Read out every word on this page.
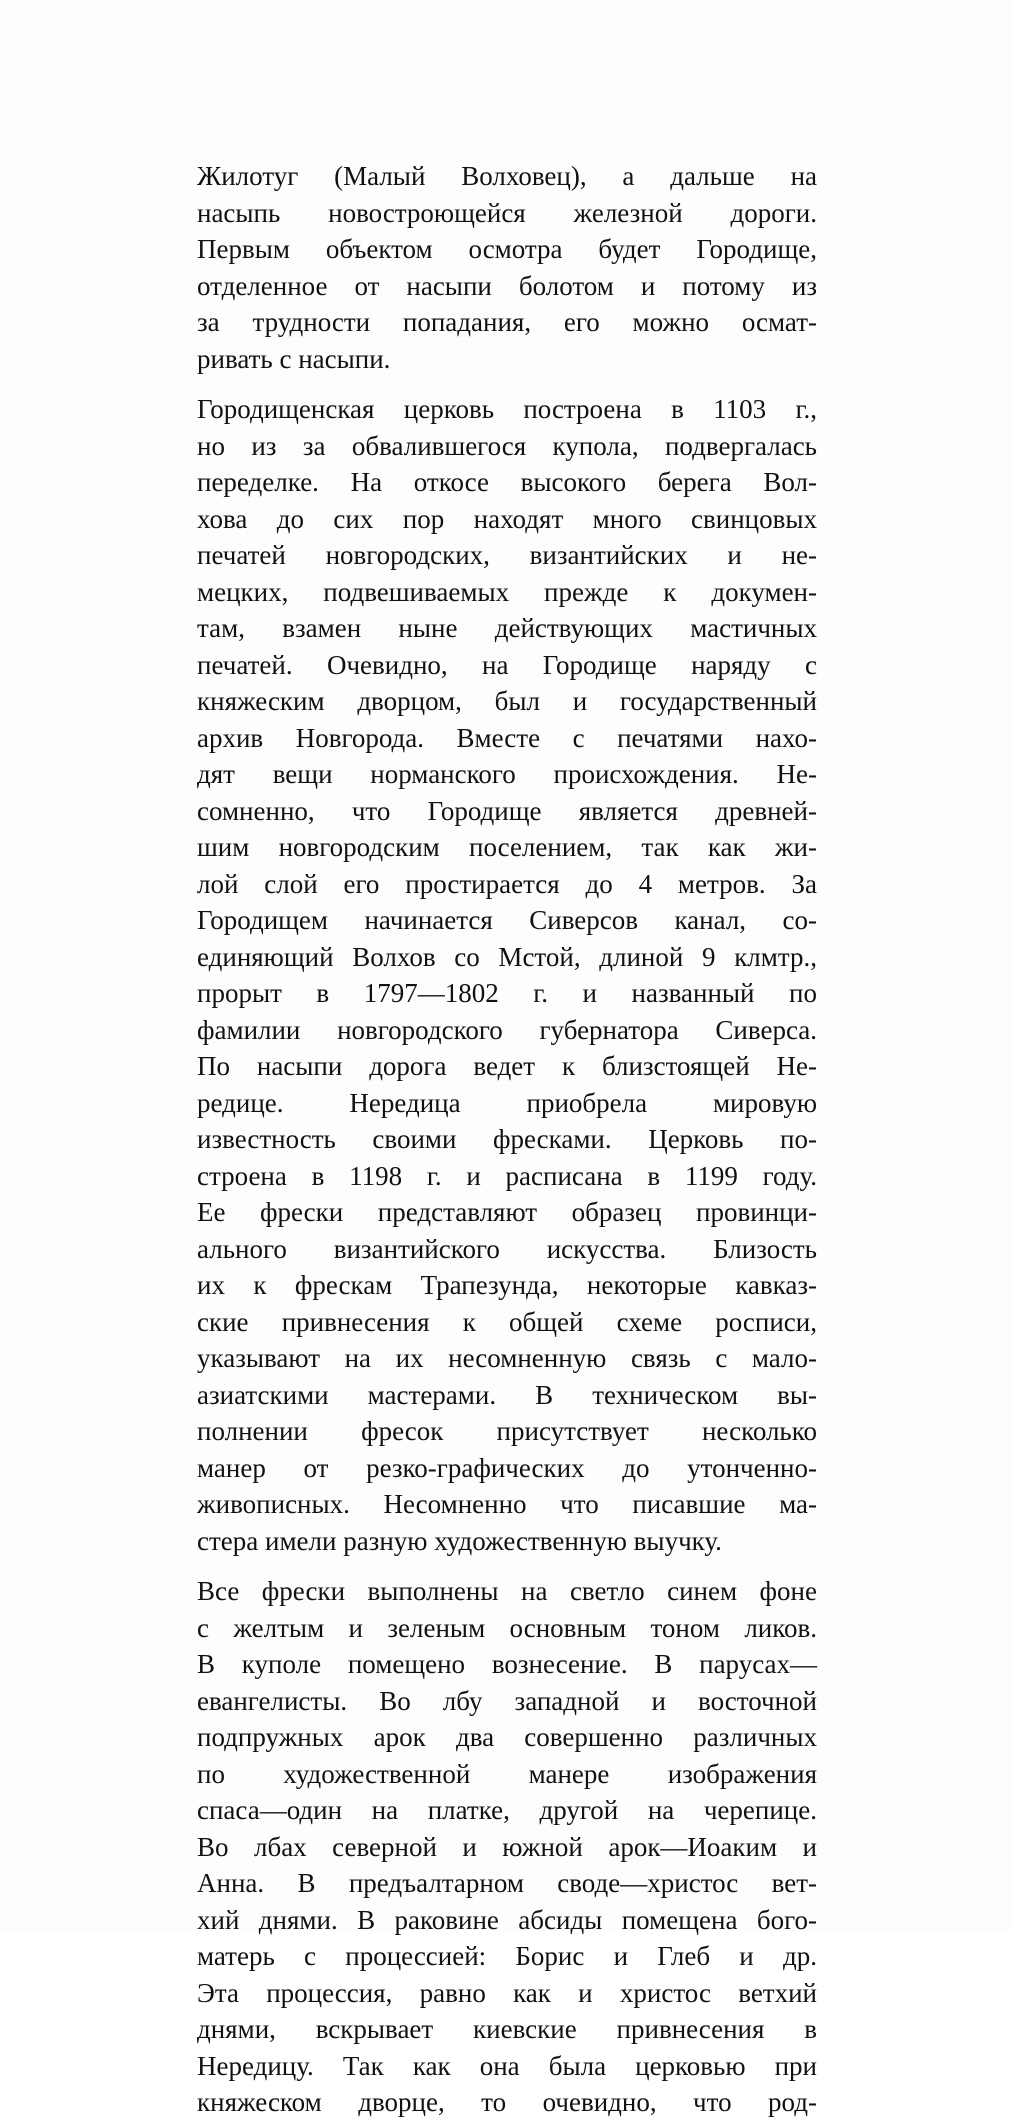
Жилотуг (Малый Волховец), а дальше на
насыпь новостроющейся железной дороги.
Первым объектом осмотра будет Городище,
отделенное от насыпи болотом и потому из
за трудности попадания, его можно осмат-
ривать с насыпи.

Городищенская церковь построена в 1103 г.,
но из за обвалившегося купола, подвергалась
переделке. На откосе высокого берега Вол-
хова до сих пор находят много свинцовых
печатей новгородских, византийских и не-
мецких, подвешиваемых прежде к докумен-
там, взамен ныне действующих мастичных
печатей. Очевидно, на Городище наряду с
княжеским дворцом, был и государственный
архив Новгорода. Вместе с печатями нахо-
дят вещи норманского происхождения. Не-
сомненно, что Городище является древней-
шим новгородским поселением, так как жи-
лой слой его простирается до 4 метров. За
Городищем начинается Сиверсов канал, со-
единяющий Волхов со Мстой, длиной 9 клмтр.,
прорыт в 1797—1802 г. и названный по
фамилии новгородского губернатора Сиверса.
По насыпи дорога ведет к близстоящей Не-
редице. Нередица приобрела мировую
известность своими фресками. Церковь по-
строена в 1198 г. и расписана в 1199 году.
Ее фрески представляют образец провинци-
ального византийского искусства. Близость
их к фрескам Трапезунда, некоторые кавказ-
ские привнесения к общей схеме росписи,
указывают на их несомненную связь с мало-
азиатскими мастерами. В техническом вы-
полнении фресок присутствует несколько
манер от резко-графических до утонченно-
живописных. Несомненно что писавшие ма-
стера имели разную художественную выучку.

Все фрески выполнены на светло синем фоне
с желтым и зеленым основным тоном ликов.
В куполе помещено вознесение. В парусах—
евангелисты. Во лбу западной и восточной
подпружных арок два совершенно различных
по художественной манере изображения
спаса—один на платке, другой на черепице.
Во лбах северной и южной арок—Иоаким и
Анна. В предъалтарном своде—христос вет-
хий днями. В раковине абсиды помещена бого-
матерь с процессией: Борис и Глеб и др.
Эта процессия, равно как и христос ветхий
днями, вскрывает киевские привнесения в
Нередицу. Так как она была церковью при
княжеском дворце, то очевидно, что род-
